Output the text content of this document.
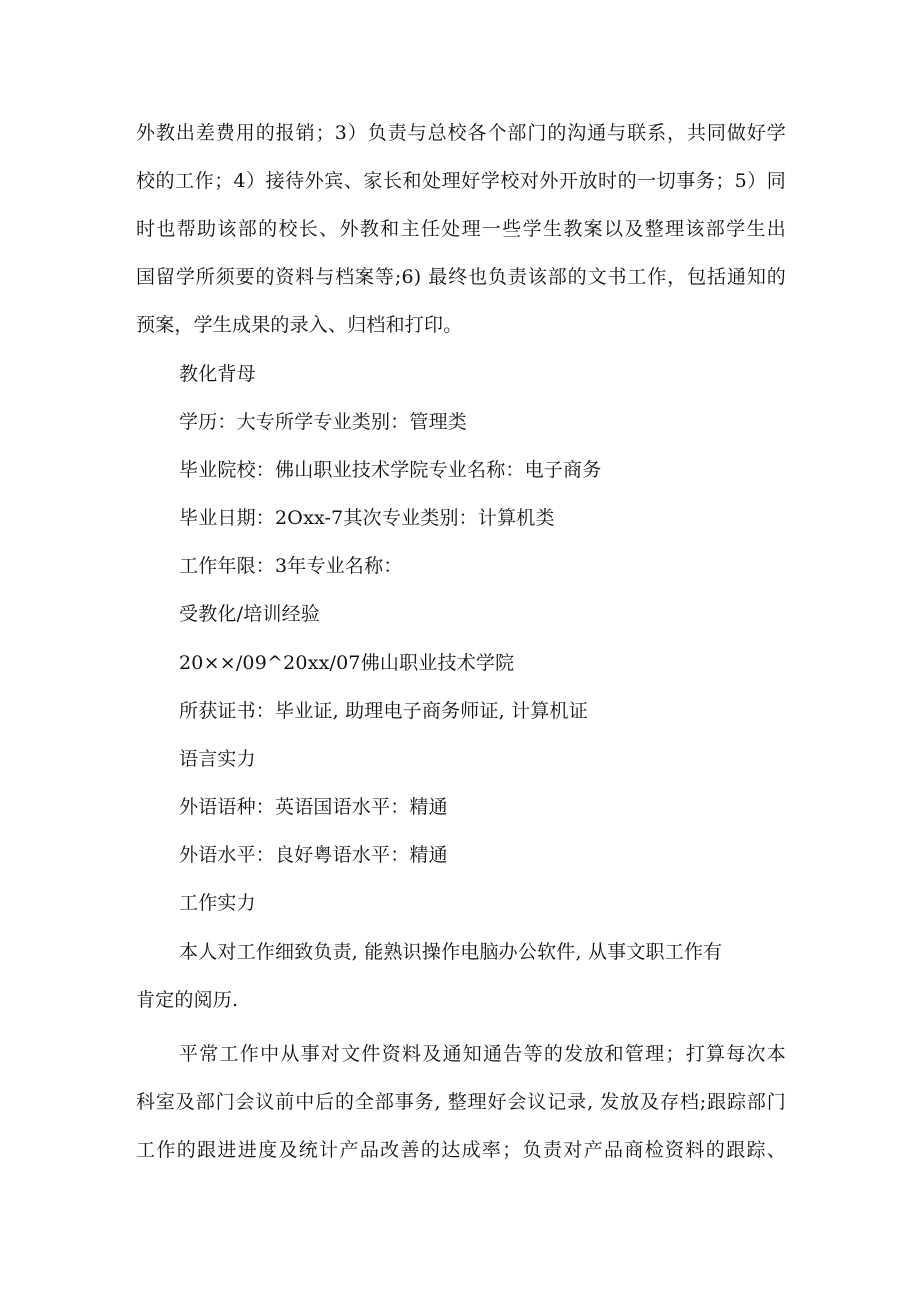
外教出差费用的报销；3）负责与总校各个部门的沟通与联系，共同做好学
校的工作；4）接待外宾、家长和处理好学校对外开放时的一切事务；5）同
时也帮助该部的校长、外教和主任处理一些学生教案以及整理该部学生出
国留学所须要的资料与档案等;6) 最终也负责该部的文书工作，包括通知的
预案，学生成果的录入、归档和打印。
教化背母
学历：大专所学专业类别：管理类
毕业院校：佛山职业技术学院专业名称：电子商务
毕业日期：2Oxx-7其次专业类别：计算机类
工作年限：3年专业名称：
受教化/培训经验
20××/09^20xx/07佛山职业技术学院
所获证书：毕业证, 助理电子商务师证, 计算机证
语言实力
外语语种：英语国语水平：精通
外语水平：良好粤语水平：精通
工作实力
本人对工作细致负责, 能熟识操作电脑办公软件, 从事文职工作有
肯定的阅历.
平常工作中从事对文件资料及通知通告等的发放和管理；打算每次本
科室及部门会议前中后的全部事务, 整理好会议记录, 发放及存档;跟踪部门
工作的跟进进度及统计产品改善的达成率；负责对产品商检资料的跟踪、
